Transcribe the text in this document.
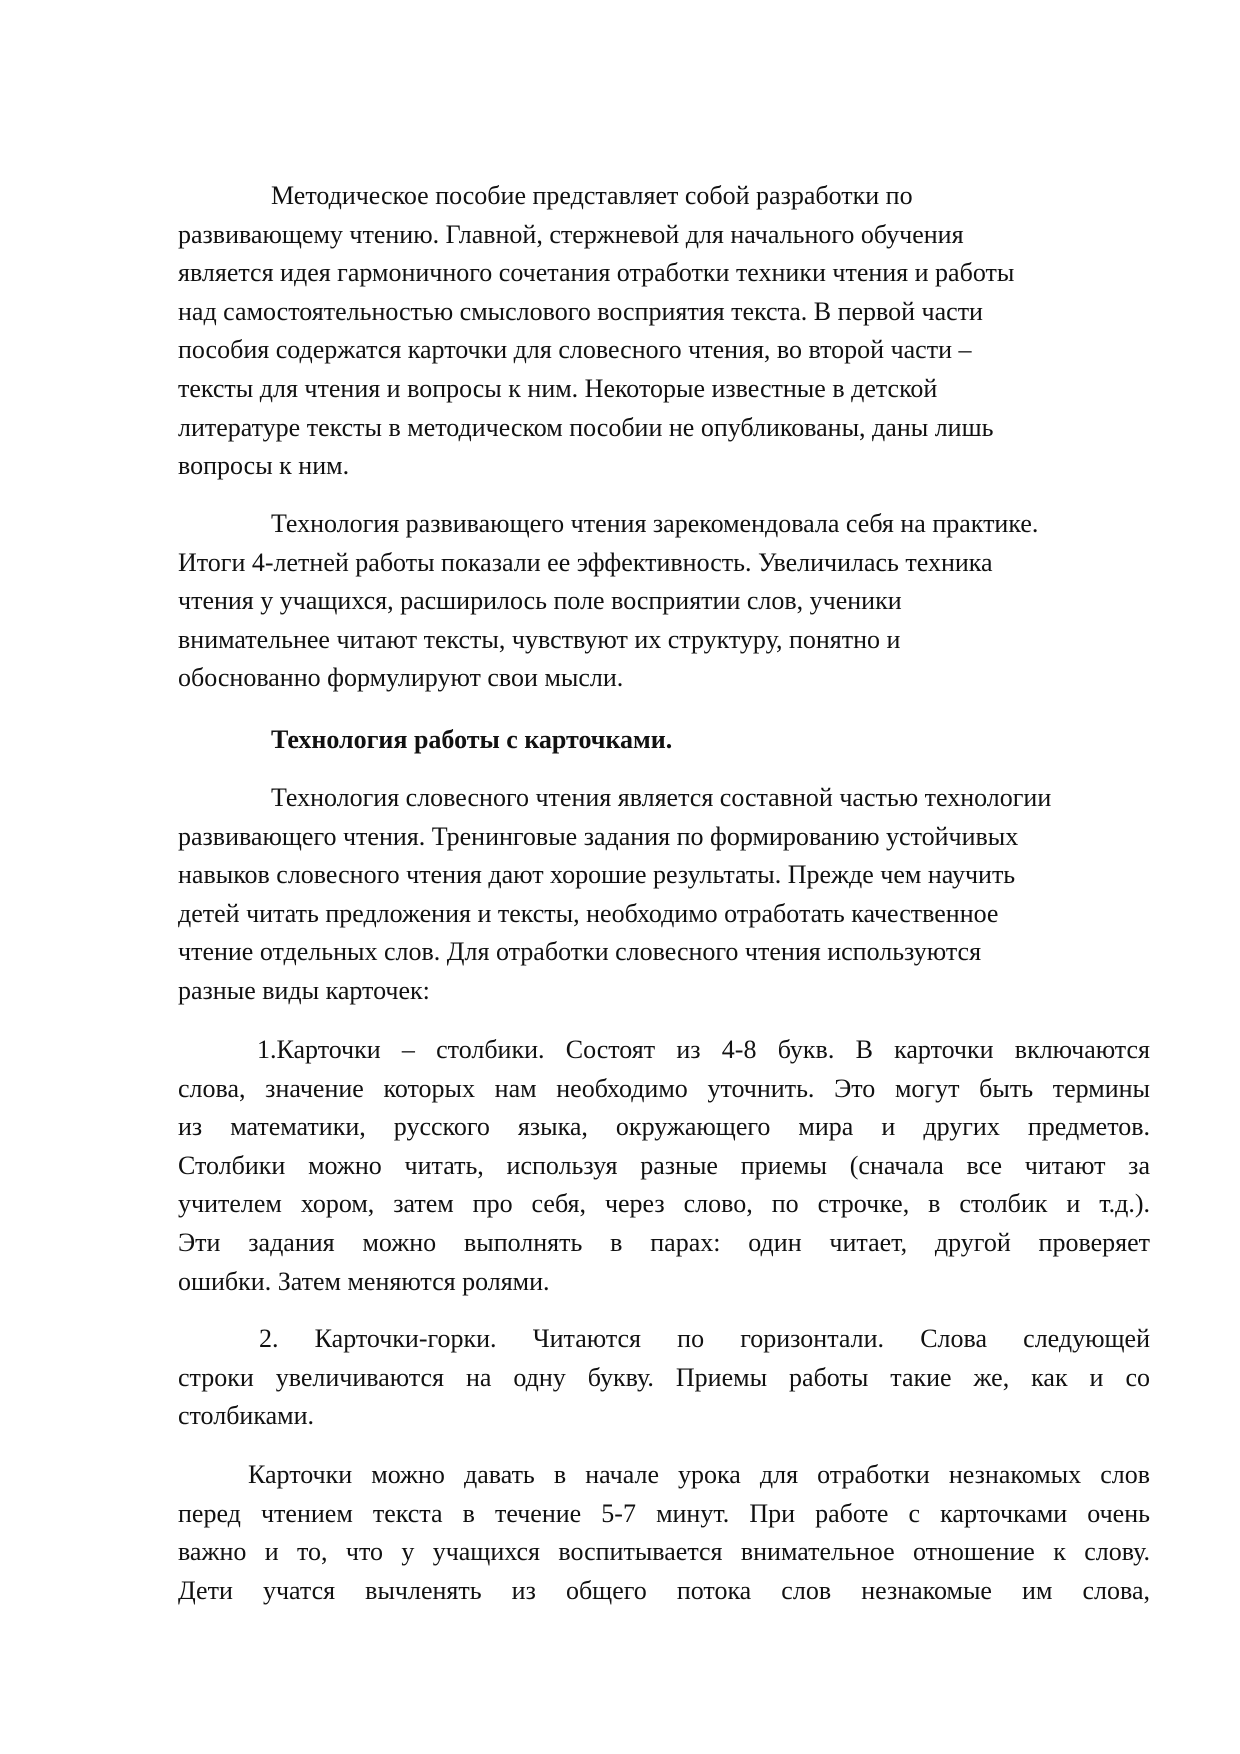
Методическое пособие представляет собой разработки по
развивающему чтению. Главной, стержневой для начального обучения
является идея гармоничного сочетания отработки техники чтения и работы
над самостоятельностью смыслового восприятия текста. В первой части
пособия содержатся карточки для словесного чтения, во второй части –
тексты для чтения и вопросы к ним. Некоторые известные в детской
литературе тексты в методическом пособии не опубликованы, даны лишь
вопросы к ним.
Технология развивающего чтения зарекомендовала себя на практике.
Итоги 4-летней работы показали ее эффективность. Увеличилась техника
чтения у учащихся, расширилось поле восприятии слов, ученики
внимательнее читают тексты, чувствуют их структуру, понятно и
обоснованно формулируют свои мысли.
Технология работы с карточками.
Технология словесного чтения является составной частью технологии
развивающего чтения. Тренинговые задания по формированию устойчивых
навыков словесного чтения дают хорошие результаты. Прежде чем научить
детей читать предложения и тексты, необходимо отработать качественное
чтение отдельных слов. Для отработки словесного чтения используются
разные виды карточек:
1.Карточки – столбики. Состоят из 4-8 букв. В карточки включаются
слова, значение которых нам необходимо уточнить. Это могут быть термины
из математики, русского языка, окружающего мира и других предметов.
Столбики можно читать, используя разные приемы (сначала все читают за
учителем хором, затем про себя, через слово, по строчке, в столбик и т.д.).
Эти задания можно выполнять в парах: один читает, другой проверяет
ошибки. Затем меняются ролями.
2. Карточки-горки. Читаются по горизонтали. Слова следующей
строки увеличиваются на одну букву. Приемы работы такие же, как и со
столбиками.
Карточки можно давать в начале урока для отработки незнакомых слов
перед чтением текста в течение 5-7 минут. При работе с карточками очень
важно и то, что у учащихся воспитывается внимательное отношение к слову.
Дети учатся вычленять из общего потока слов незнакомые им слова,
